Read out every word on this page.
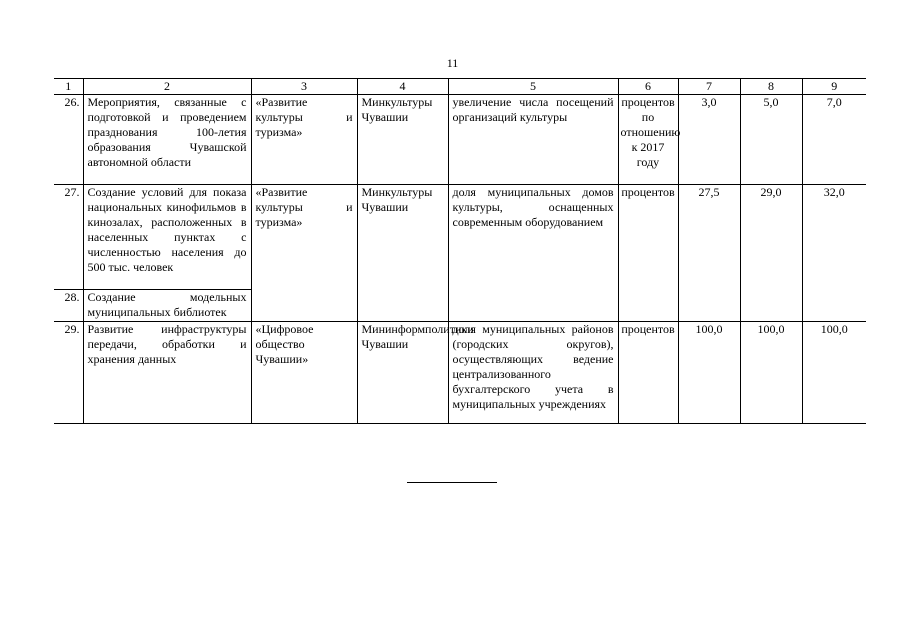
11
1	2	3	4	5	6	7	8	9
26.	Мероприятия, связанные с подготовкой и проведением празднования 100-летия образования Чувашской автономной области	«Развитие культуры и туризма»	Минкультуры Чувашии	увеличение числа посещений организаций культуры	процентов по отношению к 2017 году	3,0	5,0	7,0
27.	Создание условий для показа национальных кинофильмов в кинозалах, расположенных в населенных пунктах с численностью населения до 500 тыс. человек	«Развитие культуры и туризма»	Минкультуры Чувашии	доля муниципальных домов культуры, оснащенных современным оборудованием	процентов	27,5	29,0	32,0
28.	Создание модельных муниципальных библиотек							
29.	Развитие инфраструктуры передачи, обработки и хранения данных	«Цифровое общество Чувашии»	Мининформполитики Чувашии	доля муниципальных районов (городских округов), осуществляющих ведение централизованного бухгалтерского учета в муниципальных учреждениях	процентов	100,0	100,0	100,0
